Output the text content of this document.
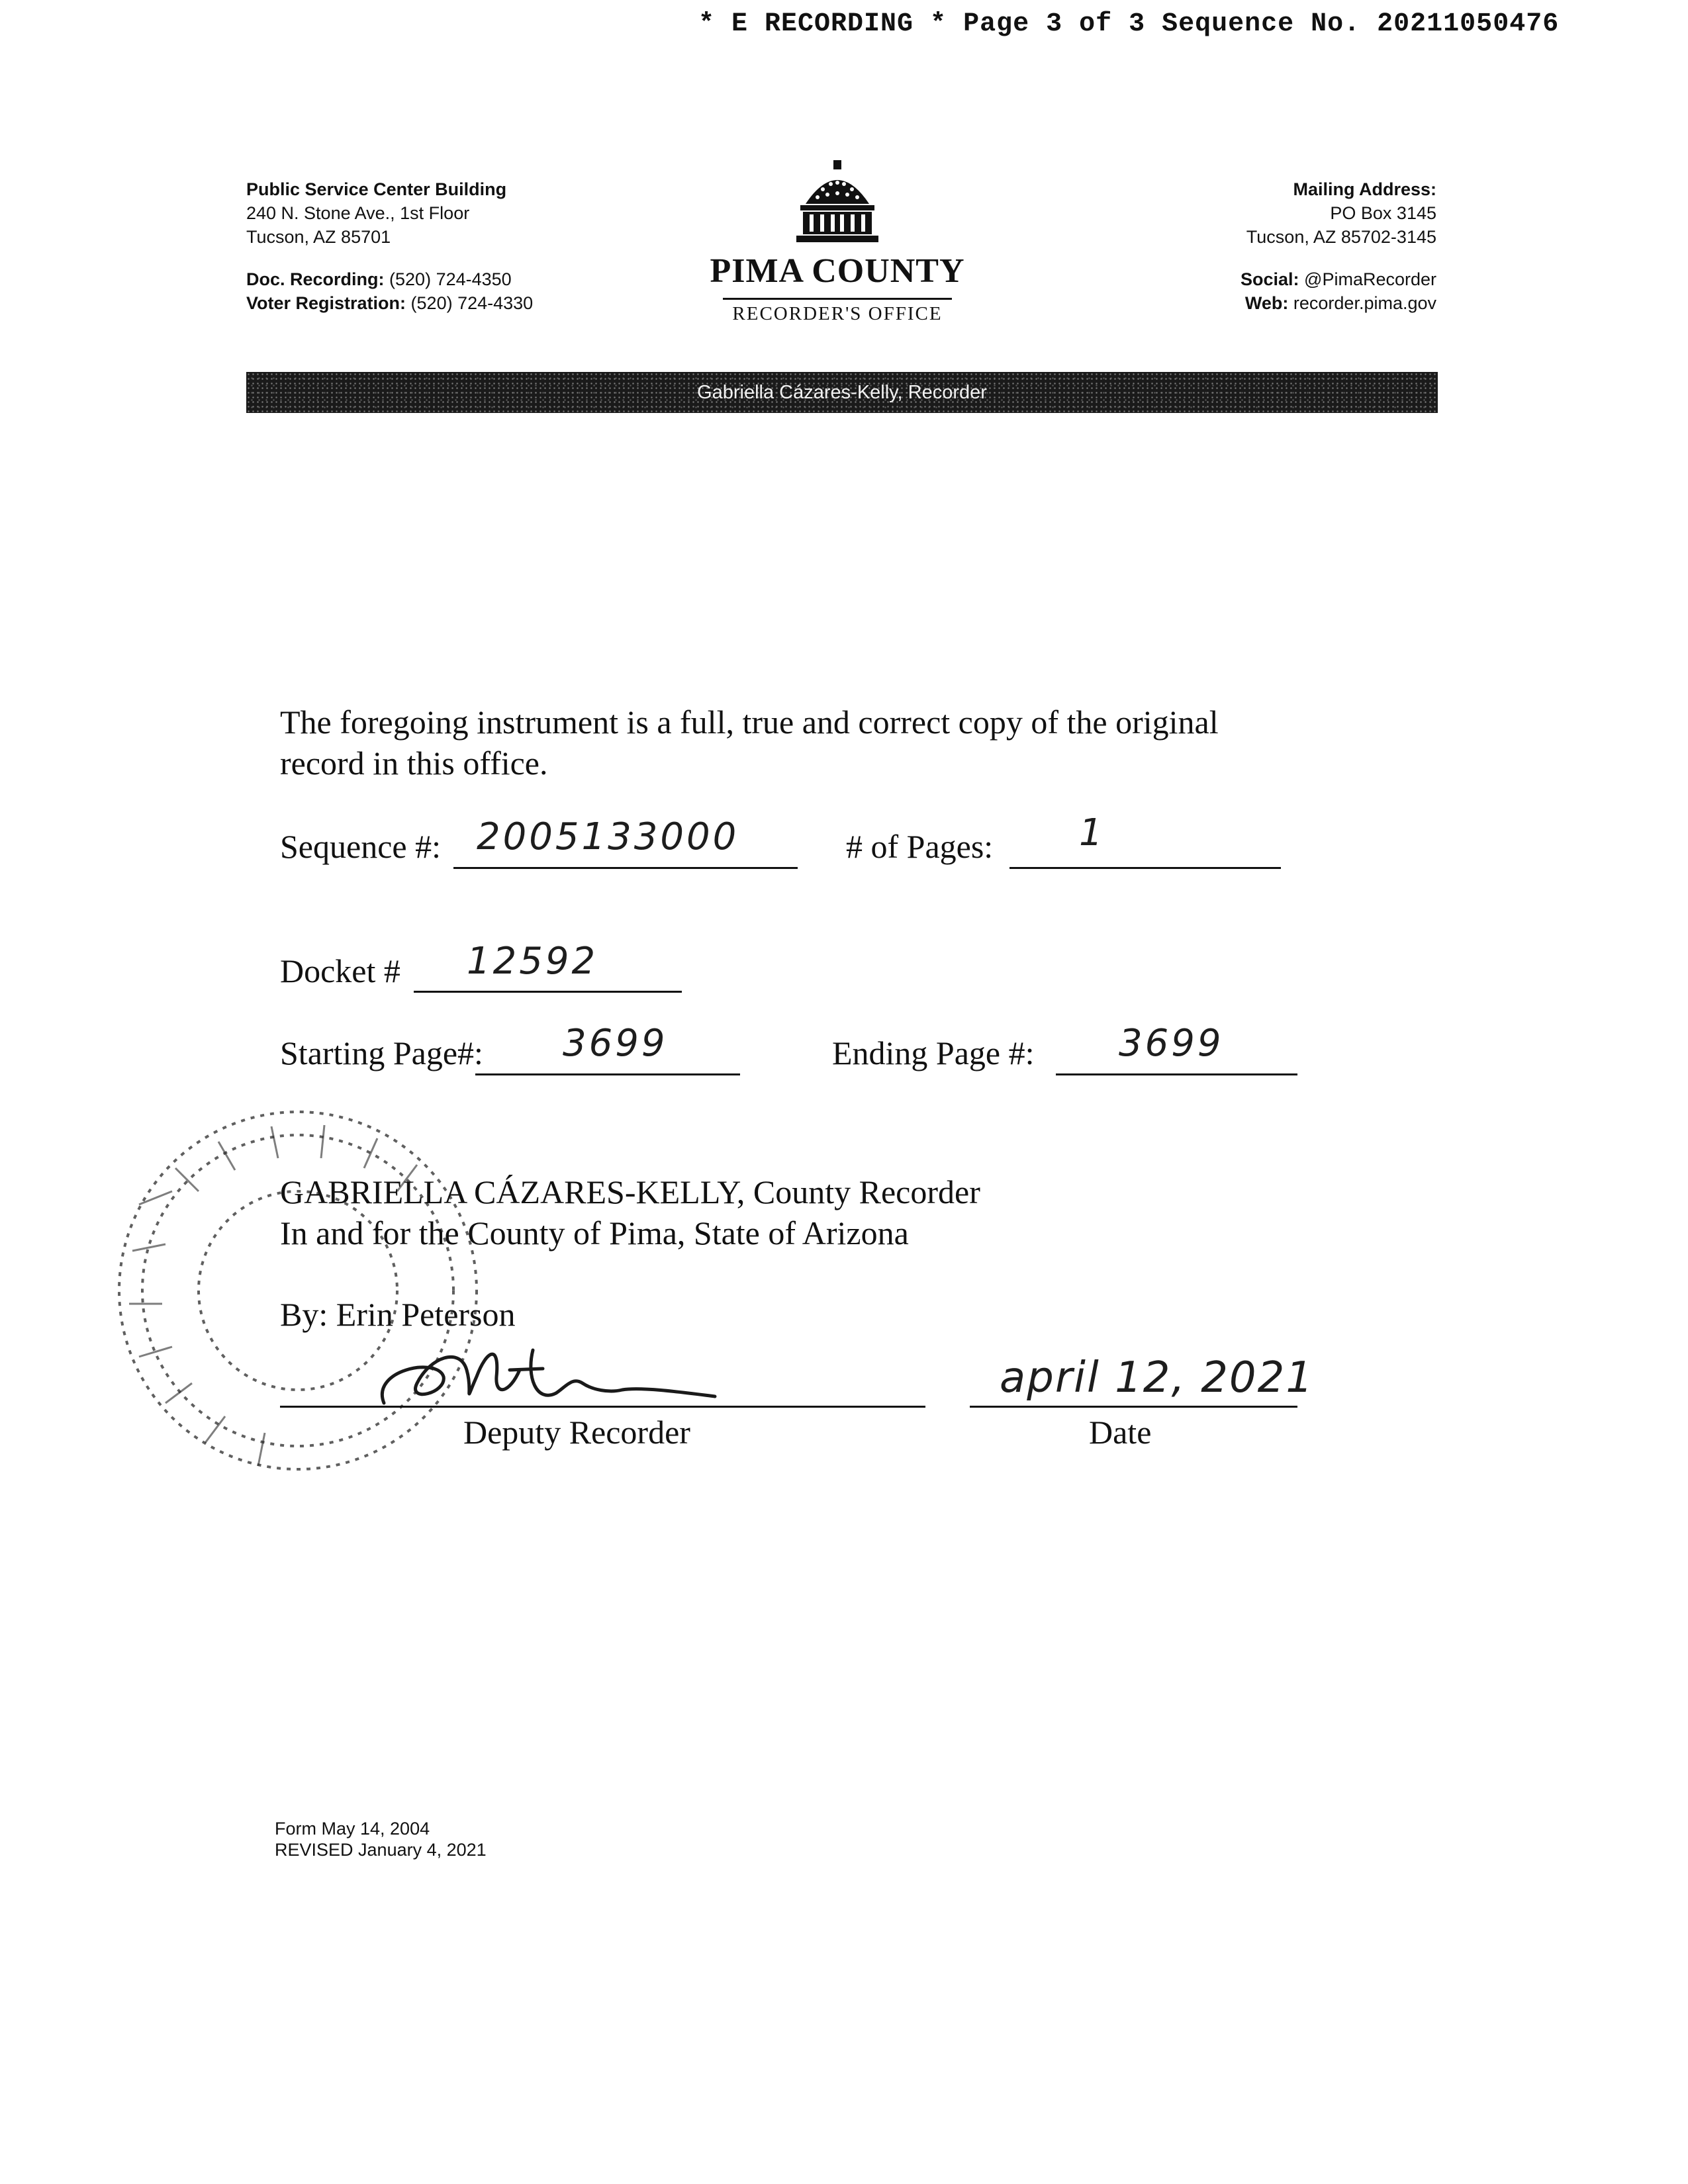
* E RECORDING * Page 3 of 3 Sequence No. 20211050476
Public Service Center Building
240 N. Stone Ave., 1st Floor
Tucson, AZ 85701
Doc. Recording: (520) 724-4350
Voter Registration: (520) 724-4330
PIMA COUNTY
RECORDER'S OFFICE
Mailing Address:
PO Box 3145
Tucson, AZ 85702-3145
Social: @PimaRecorder
Web: recorder.pima.gov
Gabriella Cázares-Kelly, Recorder
The foregoing instrument is a full, true and correct copy of the original
record in this office.
Sequence #: 2005133000	# of Pages: 1
Docket # 12592
Starting Page#: 3699	Ending Page #: 3699
GABRIELLA CÁZARES-KELLY, County Recorder
In and for the County of Pima, State of Arizona
By: Erin Peterson
Deputy Recorder
april 12, 2021
Date
Form May 14, 2004
REVISED January 4, 2021
